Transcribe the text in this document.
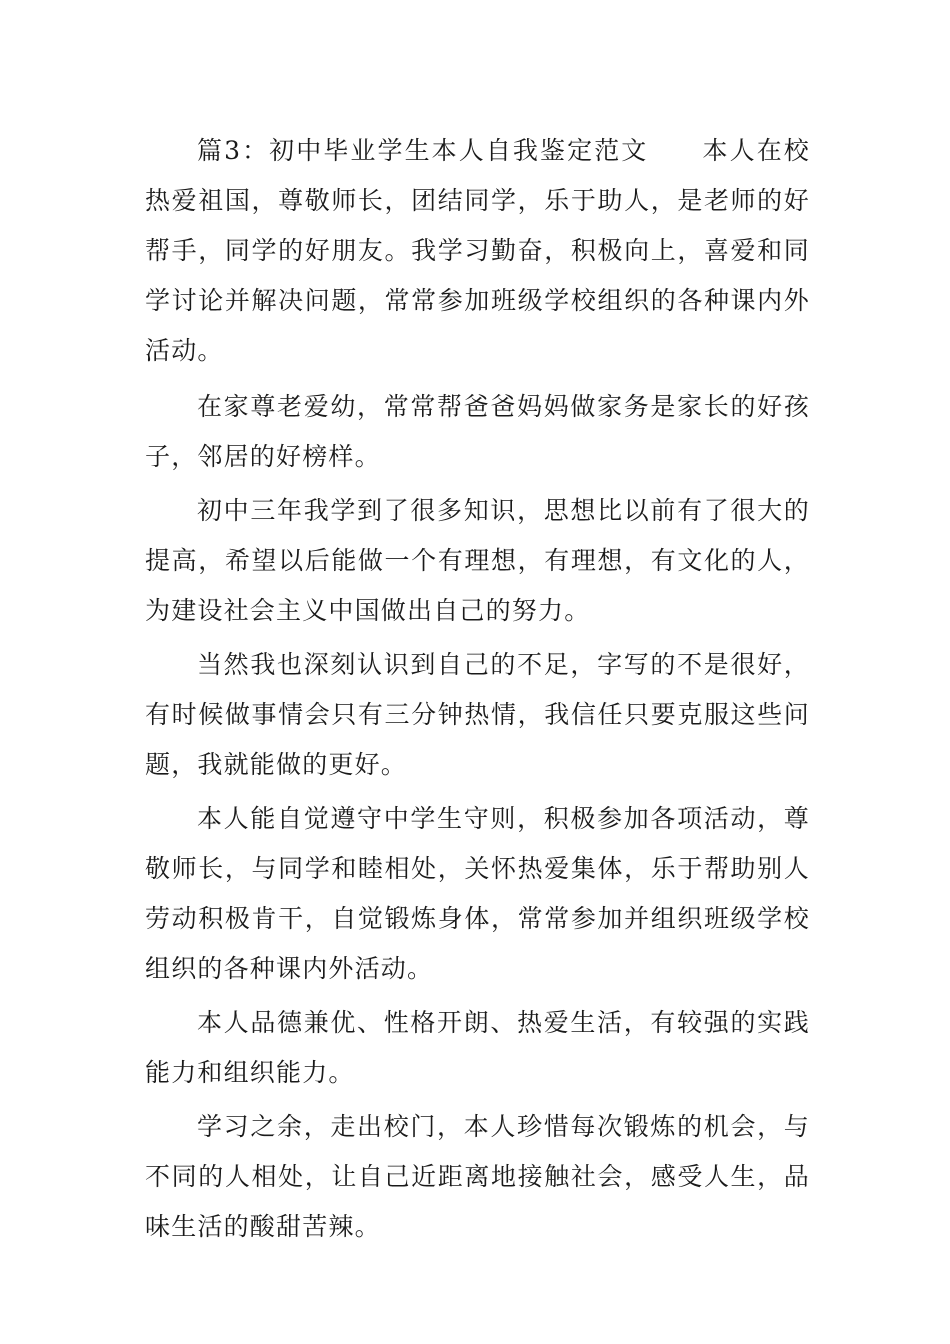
篇3：初中毕业学生本人自我鉴定范文　　本人在校热爱祖国，尊敬师长，团结同学，乐于助人，是老师的好帮手，同学的好朋友。我学习勤奋，积极向上，喜爱和同学讨论并解决问题，常常参加班级学校组织的各种课内外活动。

在家尊老爱幼，常常帮爸爸妈妈做家务是家长的好孩子，邻居的好榜样。

初中三年我学到了很多知识，思想比以前有了很大的提高，希望以后能做一个有理想，有理想，有文化的人，为建设社会主义中国做出自己的努力。

当然我也深刻认识到自己的不足，字写的不是很好，有时候做事情会只有三分钟热情，我信任只要克服这些问题，我就能做的更好。

本人能自觉遵守中学生守则，积极参加各项活动，尊敬师长，与同学和睦相处，关怀热爱集体，乐于帮助别人劳动积极肯干，自觉锻炼身体，常常参加并组织班级学校组织的各种课内外活动。

本人品德兼优、性格开朗、热爱生活，有较强的实践能力和组织能力。

学习之余，走出校门，本人珍惜每次锻炼的机会，与不同的人相处，让自己近距离地接触社会，感受人生，品味生活的酸甜苦辣。
